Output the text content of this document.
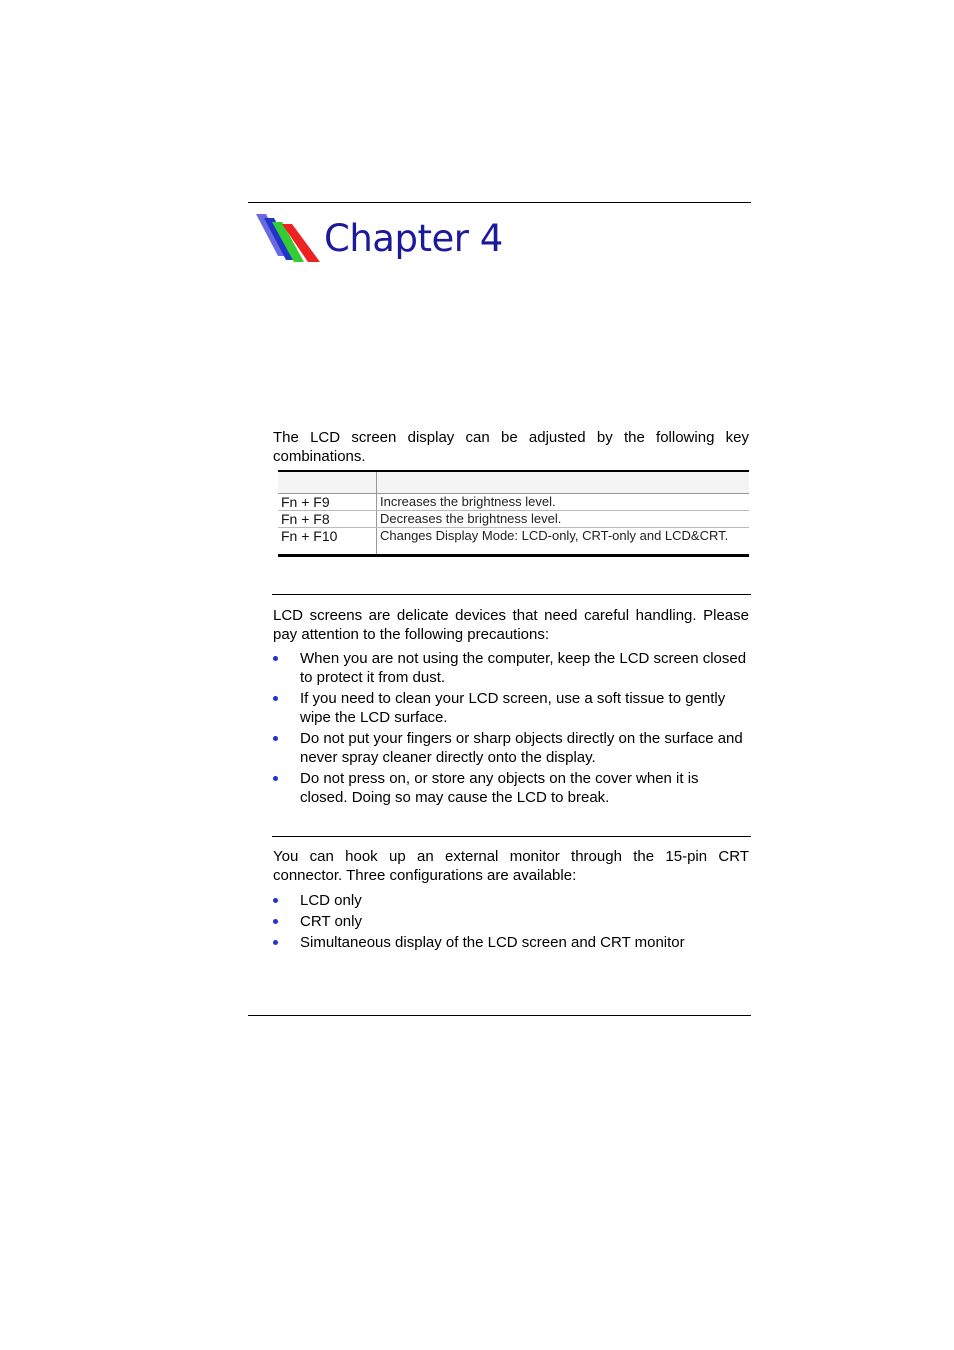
Chapter 4

The LCD screen display can be adjusted by the following key combinations.

Fn + F9	Increases the brightness level.
Fn + F8	Decreases the brightness level.
Fn + F10	Changes Display Mode: LCD-only, CRT-only and LCD&CRT.

LCD screens are delicate devices that need careful handling. Please pay attention to the following precautions:

When you are not using the computer, keep the LCD screen closed to protect it from dust.
If you need to clean your LCD screen, use a soft tissue to gently wipe the LCD surface.
Do not put your fingers or sharp objects directly on the surface and never spray cleaner directly onto the display.
Do not press on, or store any objects on the cover when it is closed. Doing so may cause the LCD to break.

You can hook up an external monitor through the 15-pin CRT connector. Three configurations are available:

LCD only
CRT only
Simultaneous display of the LCD screen and CRT monitor
